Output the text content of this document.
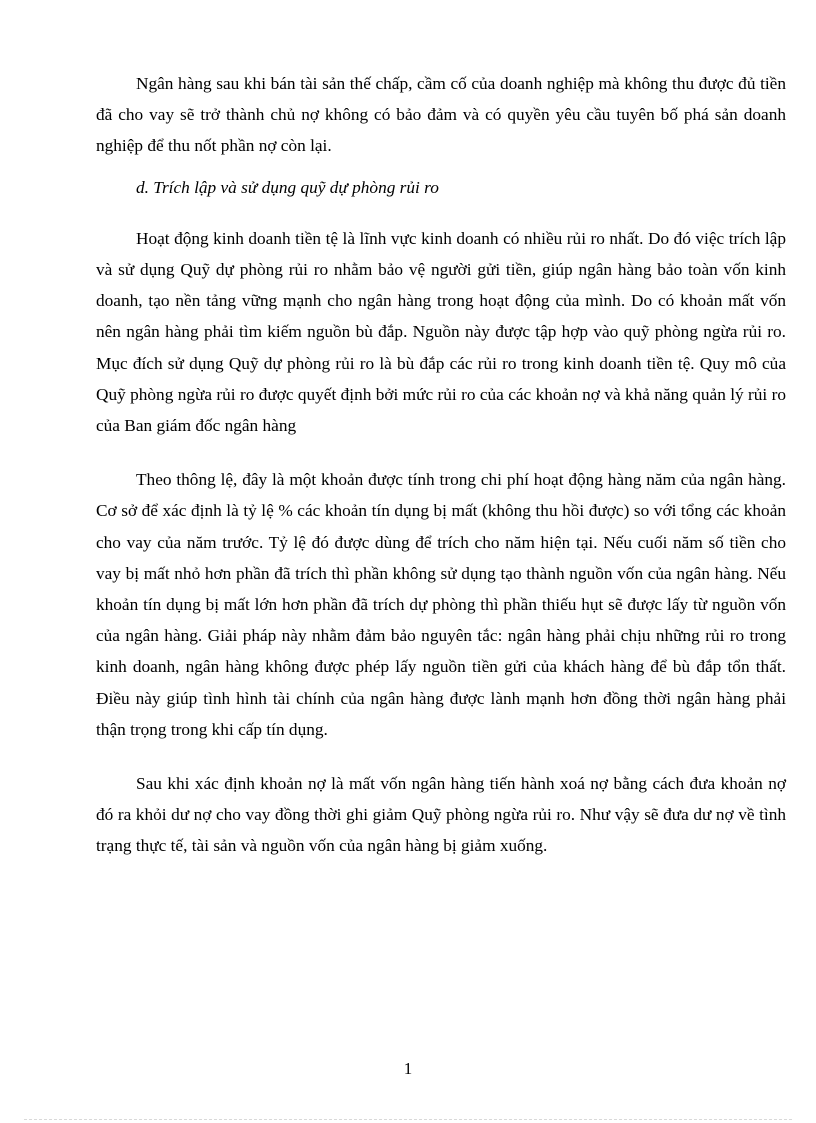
Ngân hàng sau khi bán tài sản thế chấp, cầm cố của doanh nghiệp mà không thu được đủ tiền đã cho vay sẽ trở thành chủ nợ không có bảo đảm và có quyền yêu cầu tuyên bố phá sản doanh nghiệp để thu nốt phần nợ còn lại.

d. Trích lập và sử dụng quỹ dự phòng rủi ro

Hoạt động kinh doanh tiền tệ là lĩnh vực kinh doanh có nhiều rủi ro nhất. Do đó việc trích lập và sử dụng Quỹ dự phòng rủi ro nhằm bảo vệ người gửi tiền, giúp ngân hàng bảo toàn vốn kinh doanh, tạo nền tảng vững mạnh cho ngân hàng trong hoạt động của mình. Do có khoản mất vốn nên ngân hàng phải tìm kiếm nguồn bù đắp. Nguồn này được tập hợp vào quỹ phòng ngừa rủi ro. Mục đích sử dụng Quỹ dự phòng rủi ro là bù đắp các rủi ro trong kinh doanh tiền tệ. Quy mô của Quỹ phòng ngừa rủi ro được quyết định bởi mức rủi ro của các khoản nợ và khả năng quản lý rủi ro của Ban giám đốc ngân hàng

Theo thông lệ, đây là một khoản được tính trong chi phí hoạt động hàng năm của ngân hàng. Cơ sở để xác định là tỷ lệ % các khoản tín dụng bị mất (không thu hồi được) so với tổng các khoản cho vay của năm trước. Tỷ lệ đó được dùng để trích cho năm hiện tại. Nếu cuối năm số tiền cho vay bị mất nhỏ hơn phần đã trích thì phần không sử dụng tạo thành nguồn vốn của ngân hàng. Nếu khoản tín dụng bị mất lớn hơn phần đã trích dự phòng thì phần thiếu hụt sẽ được lấy từ nguồn vốn của ngân hàng. Giải pháp này nhằm đảm bảo nguyên tắc: ngân hàng phải chịu những rủi ro trong kinh doanh, ngân hàng không được phép lấy nguồn tiền gửi của khách hàng để bù đắp tổn thất. Điều này giúp tình hình tài chính của ngân hàng được lành mạnh hơn đồng thời ngân hàng phải thận trọng trong khi cấp tín dụng.

Sau khi xác định khoản nợ là mất vốn ngân hàng tiến hành xoá nợ bằng cách đưa khoản nợ đó ra khỏi dư nợ cho vay đồng thời ghi giảm Quỹ phòng ngừa rủi ro. Như vậy sẽ đưa dư nợ về tình trạng thực tế, tài sản và nguồn vốn của ngân hàng bị giảm xuống.

1
